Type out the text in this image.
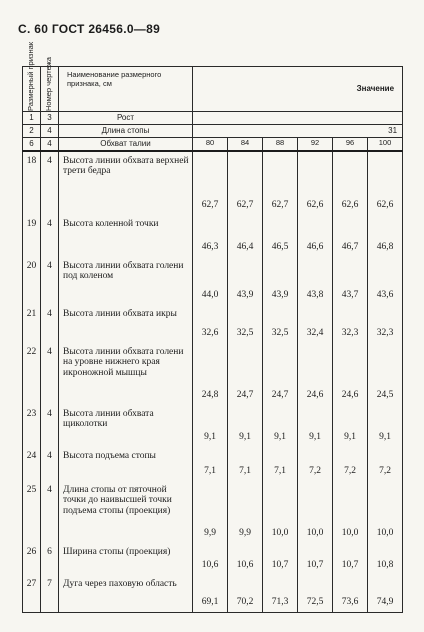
С. 60 ГОСТ 26456.0—89
Размерный признак	Номер чертежа	Наименование размерного признака, см	Значение					
1	3	Рост						
2	4	Длина стопы	31					
6	4	Обхват талии	80	84	88	92	96	100
18	4	Высота линии обхвата верхней трети бедра	62,7	62,7	62,7	62,6	62,6	62,6
19	4	Высота коленной точки	46,3	46,4	46,5	46,6	46,7	46,8
20	4	Высота линии обхвата голени под коленом	44,0	43,9	43,9	43,8	43,7	43,6
21	4	Высота линии обхвата икры	32,6	32,5	32,5	32,4	32,3	32,3
22	4	Высота линии обхвата голени на уровне нижнего края икроножной мышцы	24,8	24,7	24,7	24,6	24,6	24,5
23	4	Высота линии обхвата щиколотки	9,1	9,1	9,1	9,1	9,1	9,1
24	4	Высота подъема стопы	7,1	7,1	7,1	7,2	7,2	7,2
25	4	Длина стопы от пяточной точки до наивысшей точки подъема стопы (проекция)	9,9	9,9	10,0	10,0	10,0	10,0
26	6	Ширина стопы (проекция)	10,6	10,6	10,7	10,7	10,7	10,8
27	7	Дуга через паховую область	69,1	70,2	71,3	72,5	73,6	74,9
